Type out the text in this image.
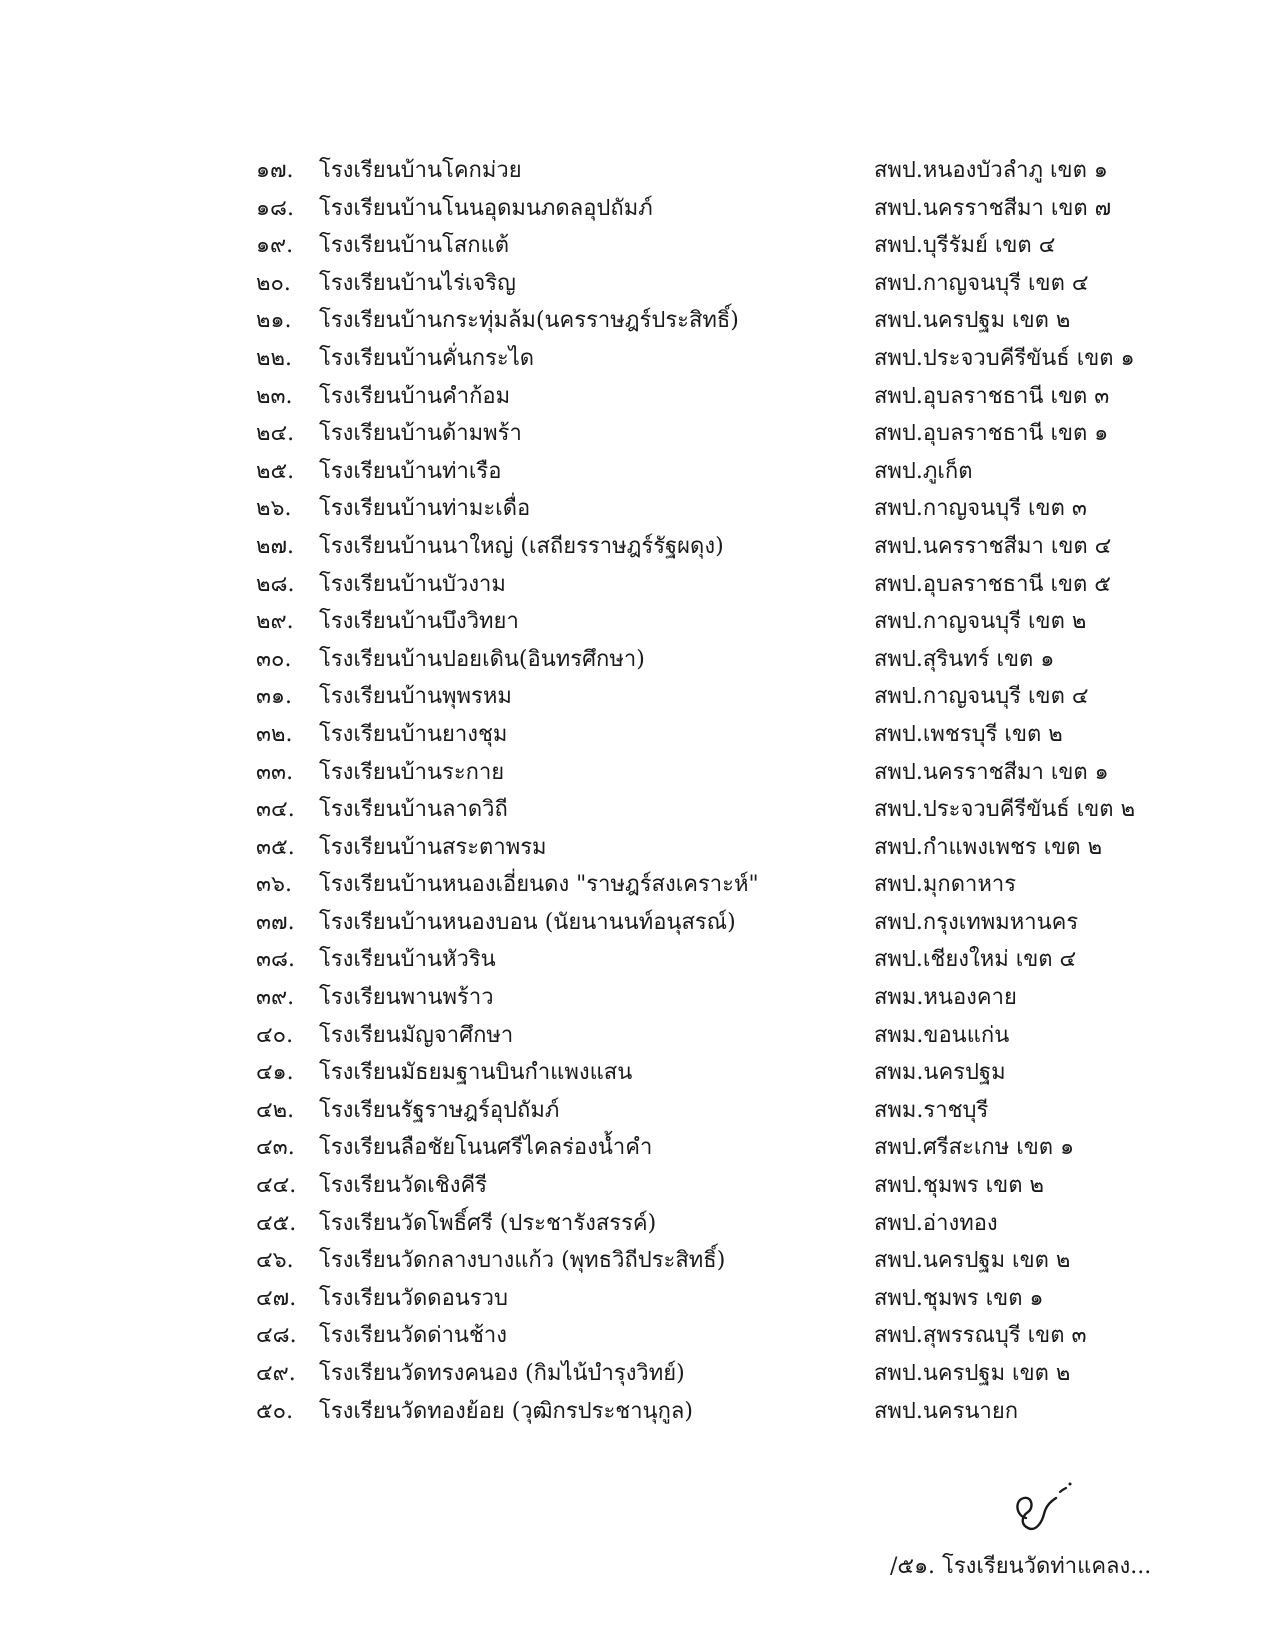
๑๗.	โรงเรียนบ้านโคกม่วย	สพป.หนองบัวลำภู เขต ๑
๑๘.	โรงเรียนบ้านโนนอุดมนภดลอุปถัมภ์	สพป.นครราชสีมา เขต ๗
๑๙.	โรงเรียนบ้านโสกแต้	สพป.บุรีรัมย์ เขต ๔
๒๐.	โรงเรียนบ้านไร่เจริญ	สพป.กาญจนบุรี เขต ๔
๒๑.	โรงเรียนบ้านกระทุ่มล้ม(นครราษฎร์ประสิทธิ์)	สพป.นครปฐม เขต ๒
๒๒.	โรงเรียนบ้านคั่นกระได	สพป.ประจวบคีรีขันธ์ เขต ๑
๒๓.	โรงเรียนบ้านคำก้อม	สพป.อุบลราชธานี เขต ๓
๒๔.	โรงเรียนบ้านด้ามพร้า	สพป.อุบลราชธานี เขต ๑
๒๕.	โรงเรียนบ้านท่าเรือ	สพป.ภูเก็ต
๒๖.	โรงเรียนบ้านท่ามะเดื่อ	สพป.กาญจนบุรี เขต ๓
๒๗.	โรงเรียนบ้านนาใหญ่ (เสถียรราษฎร์รัฐผดุง)	สพป.นครราชสีมา เขต ๔
๒๘.	โรงเรียนบ้านบัวงาม	สพป.อุบลราชธานี เขต ๕
๒๙.	โรงเรียนบ้านบึงวิทยา	สพป.กาญจนบุรี เขต ๒
๓๐.	โรงเรียนบ้านปอยเดิน(อินทรศึกษา)	สพป.สุรินทร์ เขต ๑
๓๑.	โรงเรียนบ้านพุพรหม	สพป.กาญจนบุรี เขต ๔
๓๒.	โรงเรียนบ้านยางชุม	สพป.เพชรบุรี เขต ๒
๓๓.	โรงเรียนบ้านระกาย	สพป.นครราชสีมา เขต ๑
๓๔.	โรงเรียนบ้านลาดวิถี	สพป.ประจวบคีรีขันธ์ เขต ๒
๓๕.	โรงเรียนบ้านสระตาพรม	สพป.กำแพงเพชร เขต ๒
๓๖.	โรงเรียนบ้านหนองเอี่ยนดง "ราษฎร์สงเคราะห์"	สพป.มุกดาหาร
๓๗.	โรงเรียนบ้านหนองบอน (นัยนานนท์อนุสรณ์)	สพป.กรุงเทพมหานคร
๓๘.	โรงเรียนบ้านหัวริน	สพป.เชียงใหม่ เขต ๔
๓๙.	โรงเรียนพานพร้าว	สพม.หนองคาย
๔๐.	โรงเรียนมัญจาศึกษา	สพม.ขอนแก่น
๔๑.	โรงเรียนมัธยมฐานบินกำแพงแสน	สพม.นครปฐม
๔๒.	โรงเรียนรัฐราษฎร์อุปถัมภ์	สพม.ราชบุรี
๔๓.	โรงเรียนลือชัยโนนศรีไคลร่องน้ำคำ	สพป.ศรีสะเกษ เขต ๑
๔๔.	โรงเรียนวัดเชิงคีรี	สพป.ชุมพร เขต ๒
๔๕.	โรงเรียนวัดโพธิ์ศรี (ประชารังสรรค์)	สพป.อ่างทอง
๔๖.	โรงเรียนวัดกลางบางแก้ว (พุทธวิถีประสิทธิ์)	สพป.นครปฐม เขต ๒
๔๗.	โรงเรียนวัดดอนรวบ	สพป.ชุมพร เขต ๑
๔๘.	โรงเรียนวัดด่านช้าง	สพป.สุพรรณบุรี เขต ๓
๔๙.	โรงเรียนวัดทรงคนอง (กิมไน้บำรุงวิทย์)	สพป.นครปฐม เขต ๒
๕๐.	โรงเรียนวัดทองย้อย (วุฒิกรประชานุกูล)	สพป.นครนายก
/๕๑. โรงเรียนวัดท่าแคลง...
